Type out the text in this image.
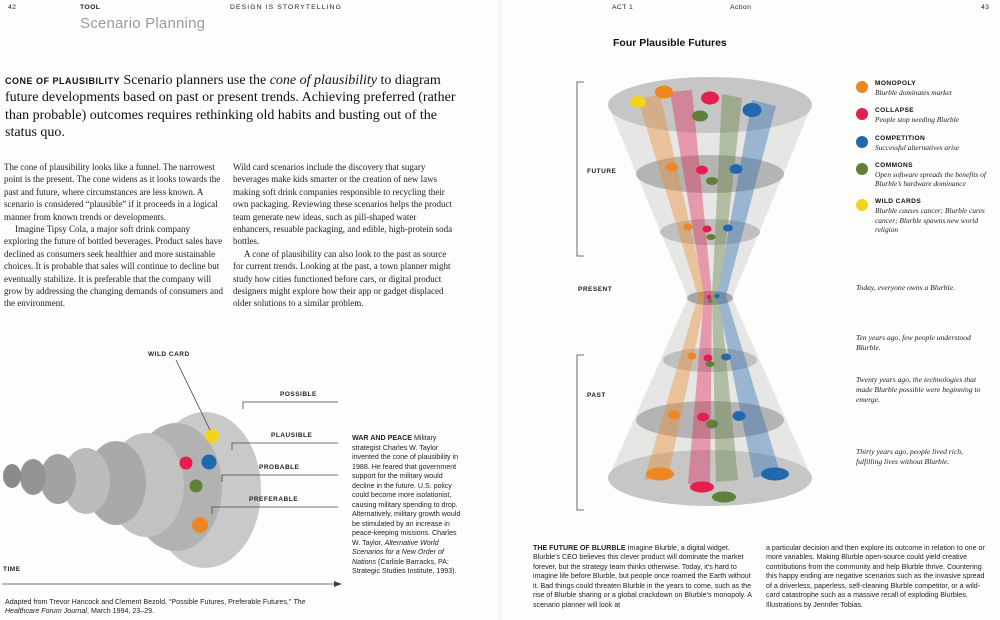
42	TOOL	DESIGN IS STORYTELLING	ACT 1	Action	43
Scenario Planning

CONE OF PLAUSIBILITY Scenario planners use the cone of plausibility to diagram future developments based on past or present trends. Achieving preferred (rather than probable) outcomes requires rethinking old habits and busting out of the status quo.

The cone of plausibility looks like a funnel. The narrowest point is the present. The cone widens as it looks towards the past and future, where circumstances are less known. A scenario is considered “plausible” if it proceeds in a logical manner from known trends or developments.

Imagine Tipsy Cola, a major soft drink company exploring the future of bottled beverages. Product sales have declined as consumers seek healthier and more sustainable choices. It is probable that sales will continue to decline but eventually stabilize. It is preferable that the company will grow by addressing the changing demands of consumers and the environment.

Wild card scenarios include the discovery that sugary beverages make kids smarter or the creation of new laws making soft drink companies responsible to recycling their own packaging. Reviewing these scenarios helps the product team generate new ideas, such as pill-shaped water enhancers, resuable packaging, and edible, high-protein soda bottles.

A cone of plausibility can also look to the past as source for current trends. Looking at the past, a town planner might study how cities functioned before cars, or digital product designers might explore how their app or gadget displaced older solutions to a similar problem.

WILD CARD
POSSIBLE
PLAUSIBLE
PROBABLE
PREFERABLE
TIME
WAR AND PEACE Military strategist Charles W. Taylor invented the cone of plausibility in 1988. He feared that government support for the military would decline in the future. U.S. policy could become more isolationist, causing military spending to drop. Alternatively, military growth would be stimulated by an increase in peace-keeping missions. Charles W. Taylor, Alternative World Scenarios for a New Order of Nations (Carlisle Barracks, PA: Strategic Studies Institute, 1993).
Adapted from Trevor Hancock and Clement Bezold, “Possible Futures, Preferable Futures,” The Healthcare Forum Journal, March 1994, 23–29.
Four Plausible Futures
FUTURE
PRESENT
PAST
MONOPOLY
Blurble dominates market
COLLAPSE
People stop needing Blurble
COMPETITION
Successful alternatives arise
COMMONS
Open software spreads the benefits of Blurble’s hardware dominance
WILD CARDS
Blurble causes cancer; Blurble cures cancer; Blurble spawns new world religion
Today, everyone owns a Blurble.
Ten years ago, few people understood Blurble.
Twenty years ago, the technologies that made Blurble possible were beginning to emerge.
Thirty years ago, people lived rich, fulfilling lives without Blurble.
THE FUTURE OF BLURBLE Imagine Blurble, a digital widget. Blurble’s CEO believes this clever product will dominate the market forever, but the strategy team thinks otherwise. Today, it’s hard to imagine life before Blurble, but people once roamed the Earth without it. Bad things could threaten Blurble in the years to come, such as the rise of Blurble sharing or a global crackdown on Blurble’s monopoly. A scenario planner will look at
a particular decision and then explore its outcome in relation to one or more variables. Making Blurble open-source could yield creative contributions from the community and help Blurble thrive. Countering this happy ending are negative scenarios such as the invasive spread of a driverless, paperless, self-cleaning Blurble competitor, or a wild-card catastrophe such as a massive recall of exploding Blurbles. Illustrations by Jennifer Tobias.
